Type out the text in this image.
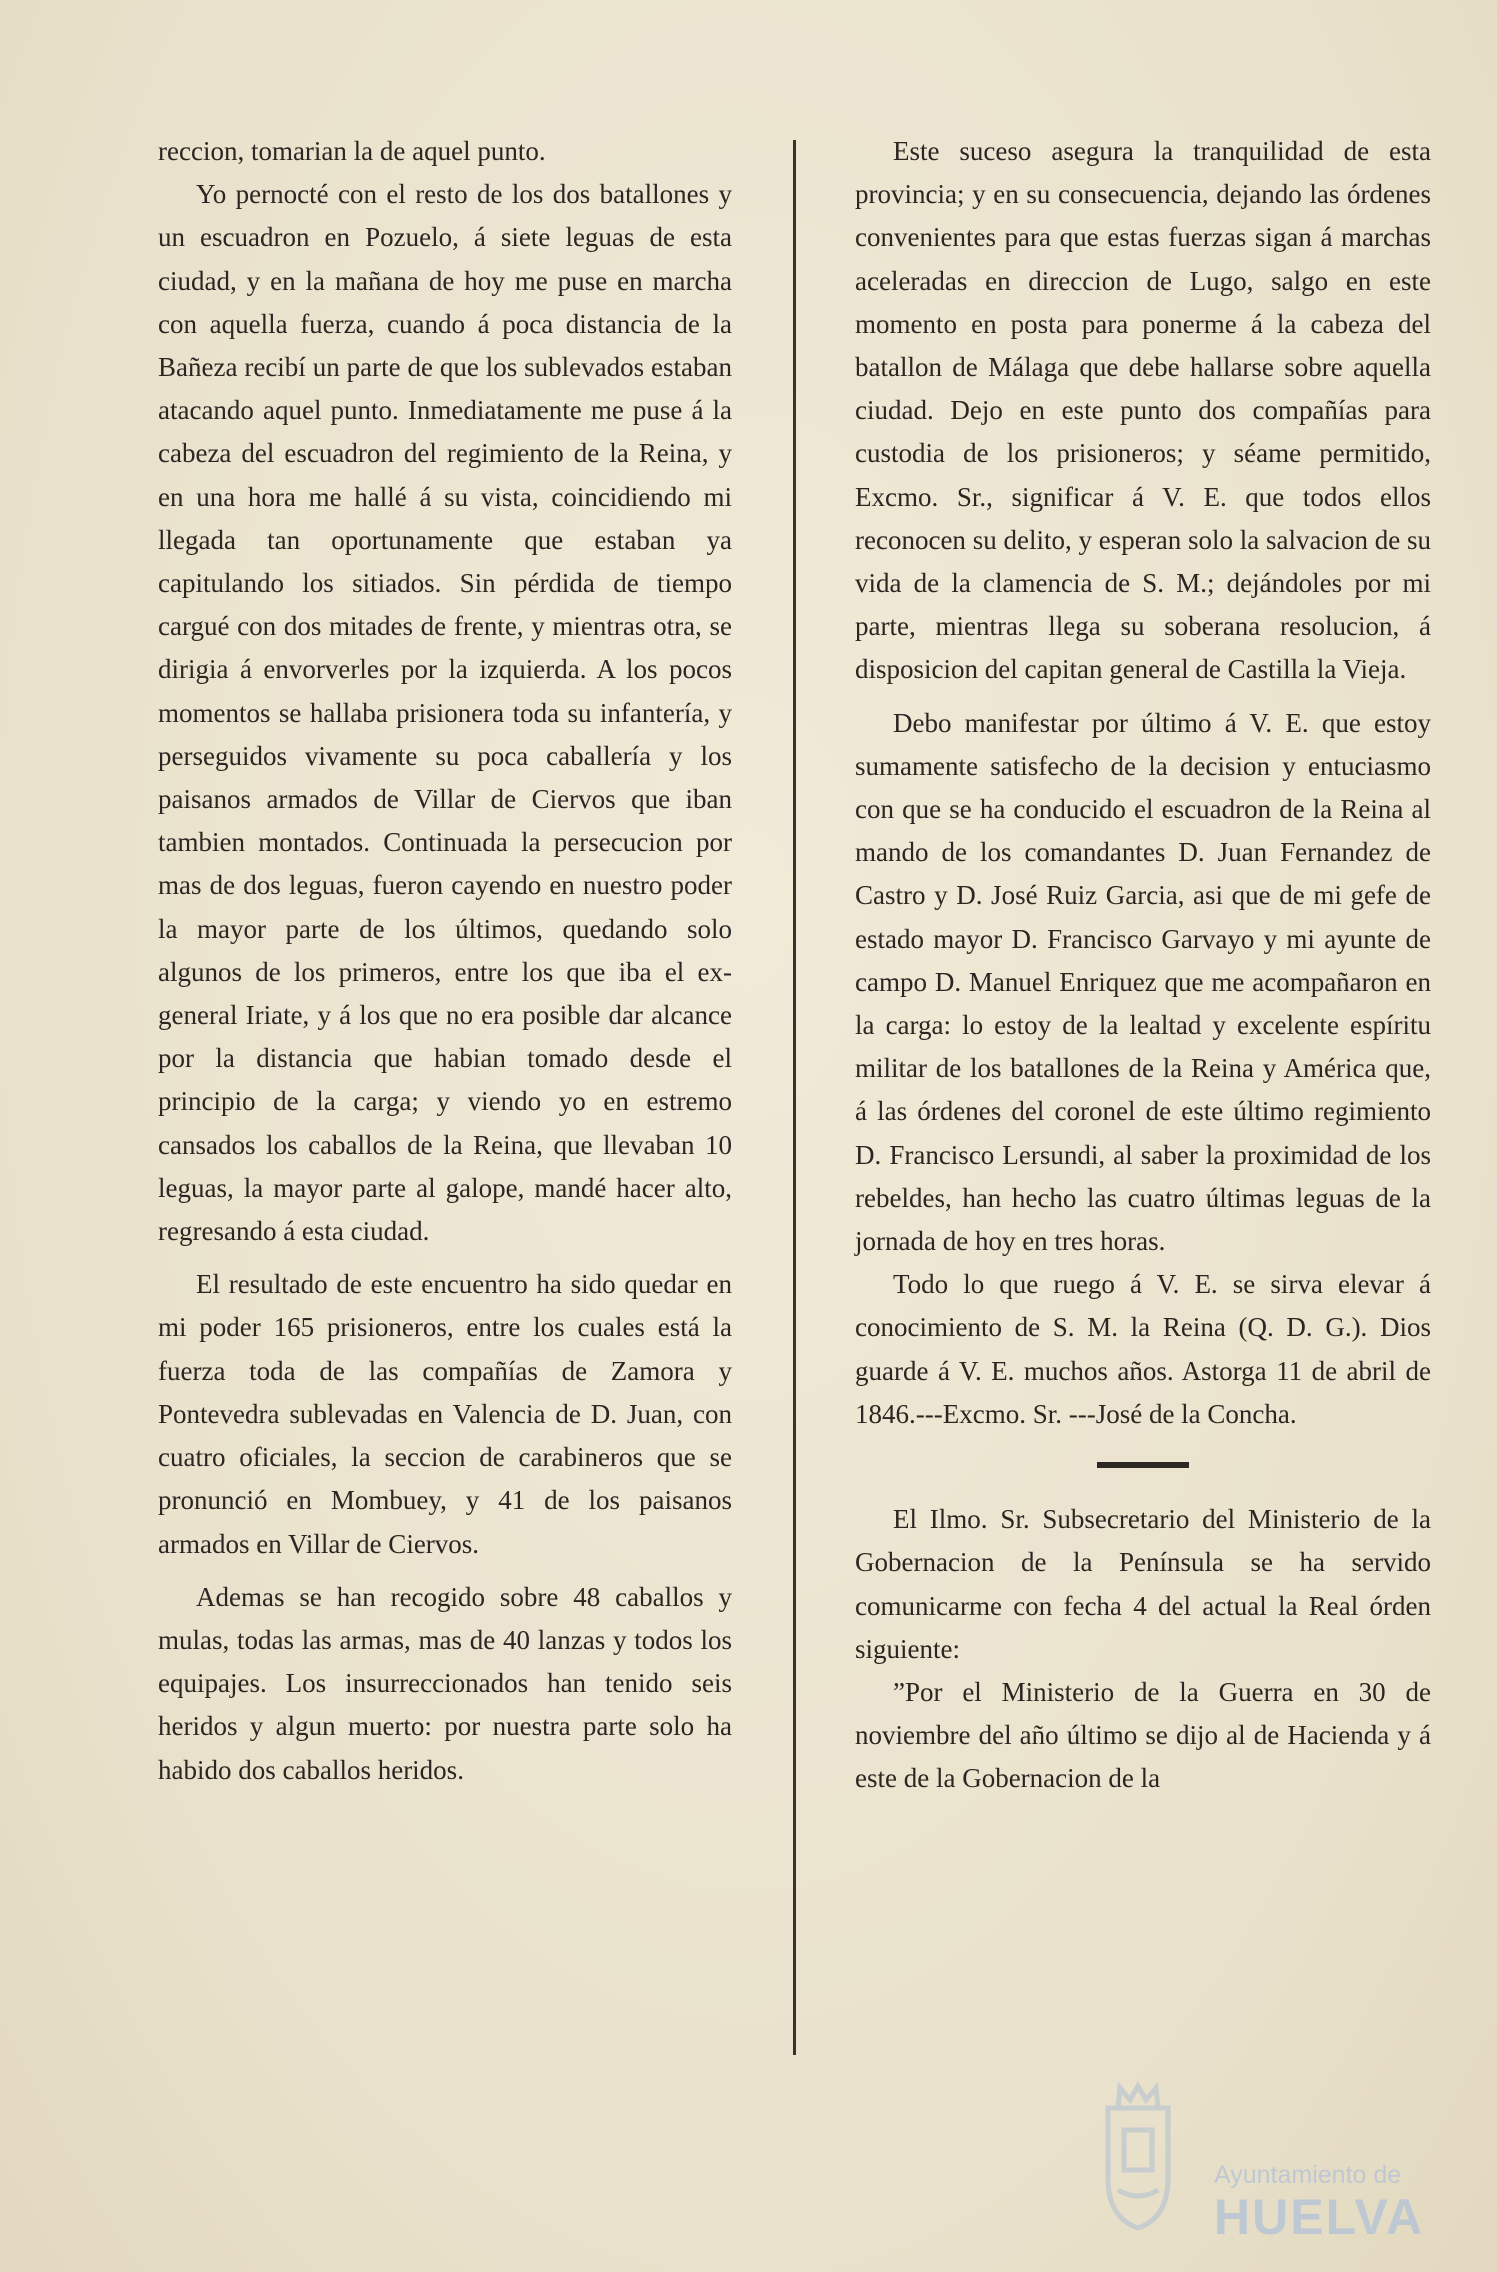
reccion, tomarian la de aquel punto.

Yo pernocté con el resto de los dos batallones y un escuadron en Pozuelo, á siete leguas de esta ciudad, y en la mañana de hoy me puse en marcha con aquella fuerza, cuando á poca distancia de la Bañeza recibí un parte de que los sublevados estaban atacando aquel punto. Inmediatamente me puse á la cabeza del escuadron del regimiento de la Reina, y en una hora me hallé á su vista, coincidiendo mi llegada tan oportunamente que estaban ya capitulando los sitiados. Sin pérdida de tiempo cargué con dos mitades de frente, y mientras otra, se dirigia á envorverles por la izquierda. A los pocos momentos se hallaba prisionera toda su infantería, y perseguidos vivamente su poca caballería y los paisanos armados de Villar de Ciervos que iban tambien montados. Continuada la persecucion por mas de dos leguas, fueron cayendo en nuestro poder la mayor parte de los últimos, quedando solo algunos de los primeros, entre los que iba el ex-general Iriate, y á los que no era posible dar alcance por la distancia que habian tomado desde el principio de la carga; y viendo yo en estremo cansados los caballos de la Reina, que llevaban 10 leguas, la mayor parte al galope, mandé hacer alto, regresando á esta ciudad.

El resultado de este encuentro ha sido quedar en mi poder 165 prisioneros, entre los cuales está la fuerza toda de las compañías de Zamora y Pontevedra sublevadas en Valencia de D. Juan, con cuatro oficiales, la seccion de carabineros que se pronunció en Mombuey, y 41 de los paisanos armados en Villar de Ciervos.

Ademas se han recogido sobre 48 caballos y mulas, todas las armas, mas de 40 lanzas y todos los equipajes. Los insurreccionados han tenido seis heridos y algun muerto: por nuestra parte solo ha habido dos caballos heridos.

Este suceso asegura la tranquilidad de esta provincia; y en su consecuencia, dejando las órdenes convenientes para que estas fuerzas sigan á marchas aceleradas en direccion de Lugo, salgo en este momento en posta para ponerme á la cabeza del batallon de Málaga que debe hallarse sobre aquella ciudad. Dejo en este punto dos compañías para custodia de los prisioneros; y séame permitido, Excmo. Sr., significar á V. E. que todos ellos reconocen su delito, y esperan solo la salvacion de su vida de la clamencia de S. M.; dejándoles por mi parte, mientras llega su soberana resolucion, á disposicion del capitan general de Castilla la Vieja.

Debo manifestar por último á V. E. que estoy sumamente satisfecho de la decision y entuciasmo con que se ha conducido el escuadron de la Reina al mando de los comandantes D. Juan Fernandez de Castro y D. José Ruiz Garcia, asi que de mi gefe de estado mayor D. Francisco Garvayo y mi ayunte de campo D. Manuel Enriquez que me acompañaron en la carga: lo estoy de la lealtad y excelente espíritu militar de los batallones de la Reina y América que, á las órdenes del coronel de este último regimiento D. Francisco Lersundi, al saber la proximidad de los rebeldes, han hecho las cuatro últimas leguas de la jornada de hoy en tres horas.

Todo lo que ruego á V. E. se sirva elevar á conocimiento de S. M. la Reina (Q. D. G.). Dios guarde á V. E. muchos años. Astorga 11 de abril de 1846.---Excmo. Sr. ---José de la Concha.

El Ilmo. Sr. Subsecretario del Ministerio de la Gobernacion de la Península se ha servido comunicarme con fecha 4 del actual la Real órden siguiente:

”Por el Ministerio de la Guerra en 30 de noviembre del año último se dijo al de Hacienda y á este de la Gobernacion de la

Ayuntamiento de
HUELVA
